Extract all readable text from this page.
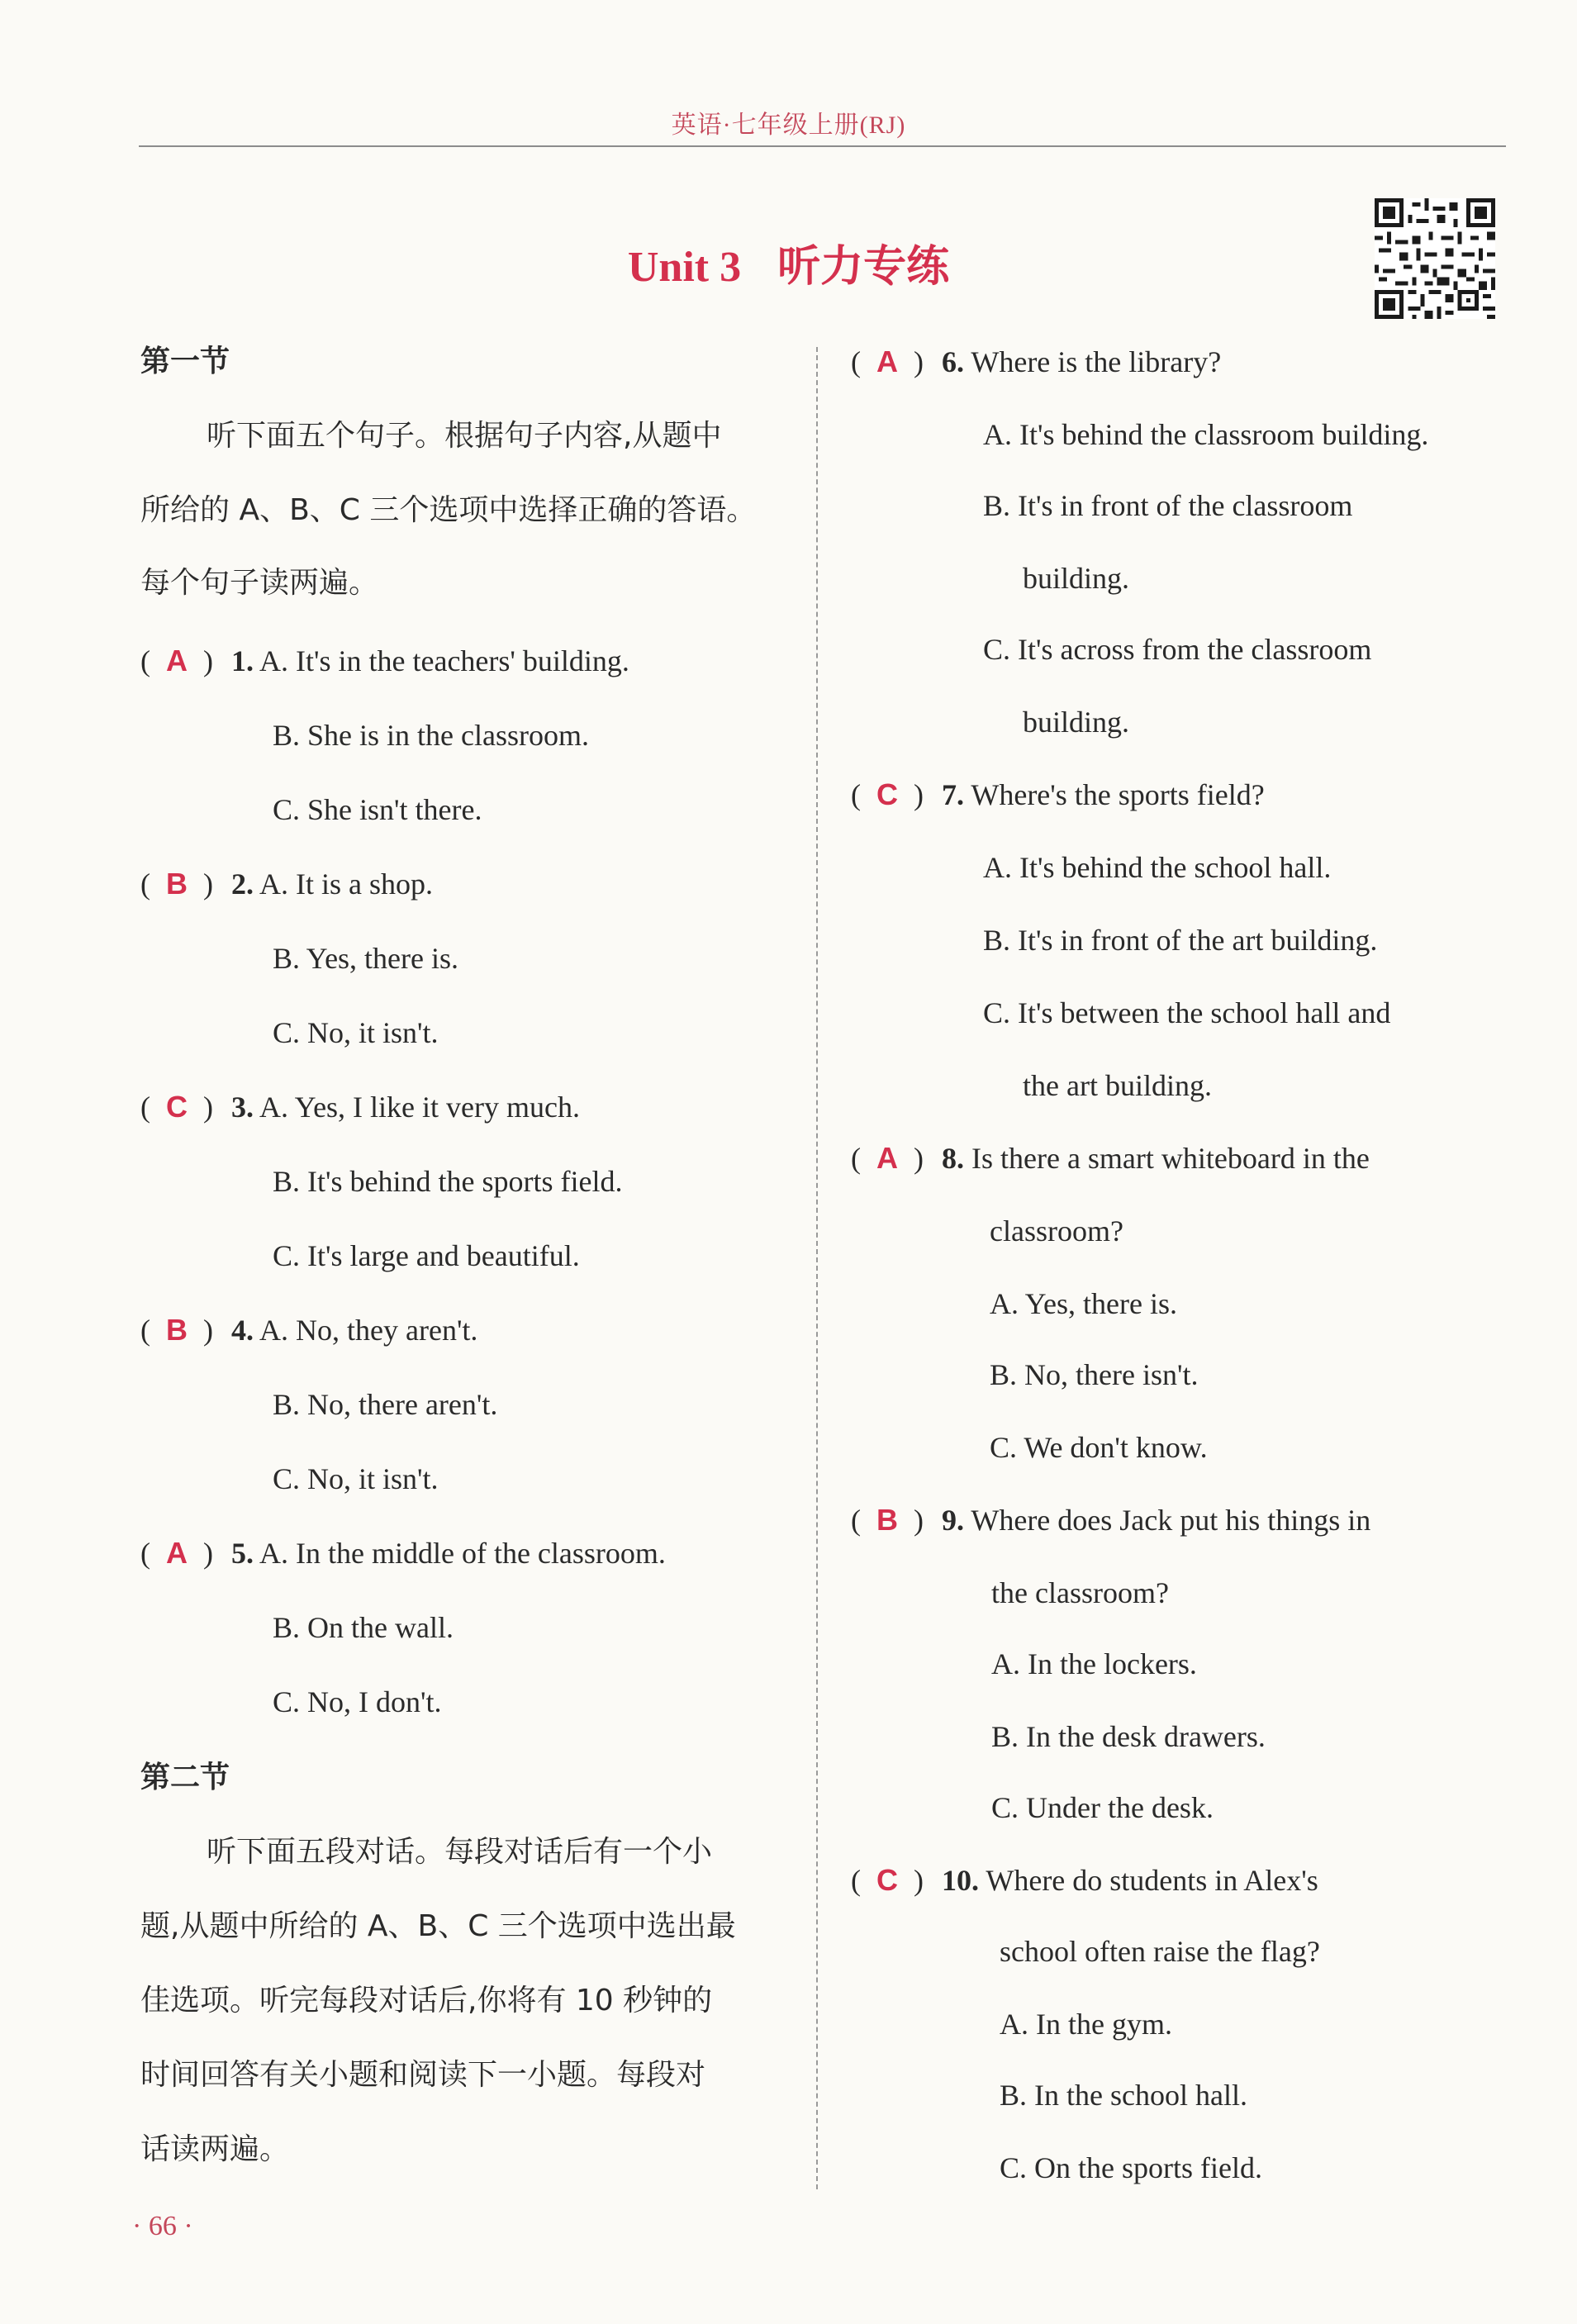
英语·七年级上册(RJ)
Unit 3 听力专练
第一节
听下面五个句子。根据句子内容,从题中
所给的 A、B、C 三个选项中选择正确的答语。
每个句子读两遍。
( A ) 1. A. It's in the teachers' building.
B. She is in the classroom.
C. She isn't there.
( B ) 2. A. It is a shop.
B. Yes, there is.
C. No, it isn't.
( C ) 3. A. Yes, I like it very much.
B. It's behind the sports field.
C. It's large and beautiful.
( B ) 4. A. No, they aren't.
B. No, there aren't.
C. No, it isn't.
( A ) 5. A. In the middle of the classroom.
B. On the wall.
C. No, I don't.
第二节
听下面五段对话。每段对话后有一个小
题,从题中所给的 A、B、C 三个选项中选出最
佳选项。听完每段对话后,你将有 10 秒钟的
时间回答有关小题和阅读下一小题。每段对
话读两遍。
( A ) 6. Where is the library?
A. It's behind the classroom building.
B. It's in front of the classroom
building.
C. It's across from the classroom
building.
( C ) 7. Where's the sports field?
A. It's behind the school hall.
B. It's in front of the art building.
C. It's between the school hall and
the art building.
( A ) 8. Is there a smart whiteboard in the
classroom?
A. Yes, there is.
B. No, there isn't.
C. We don't know.
( B ) 9. Where does Jack put his things in
the classroom?
A. In the lockers.
B. In the desk drawers.
C. Under the desk.
( C ) 10. Where do students in Alex's
school often raise the flag?
A. In the gym.
B. In the school hall.
C. On the sports field.
· 66 ·
